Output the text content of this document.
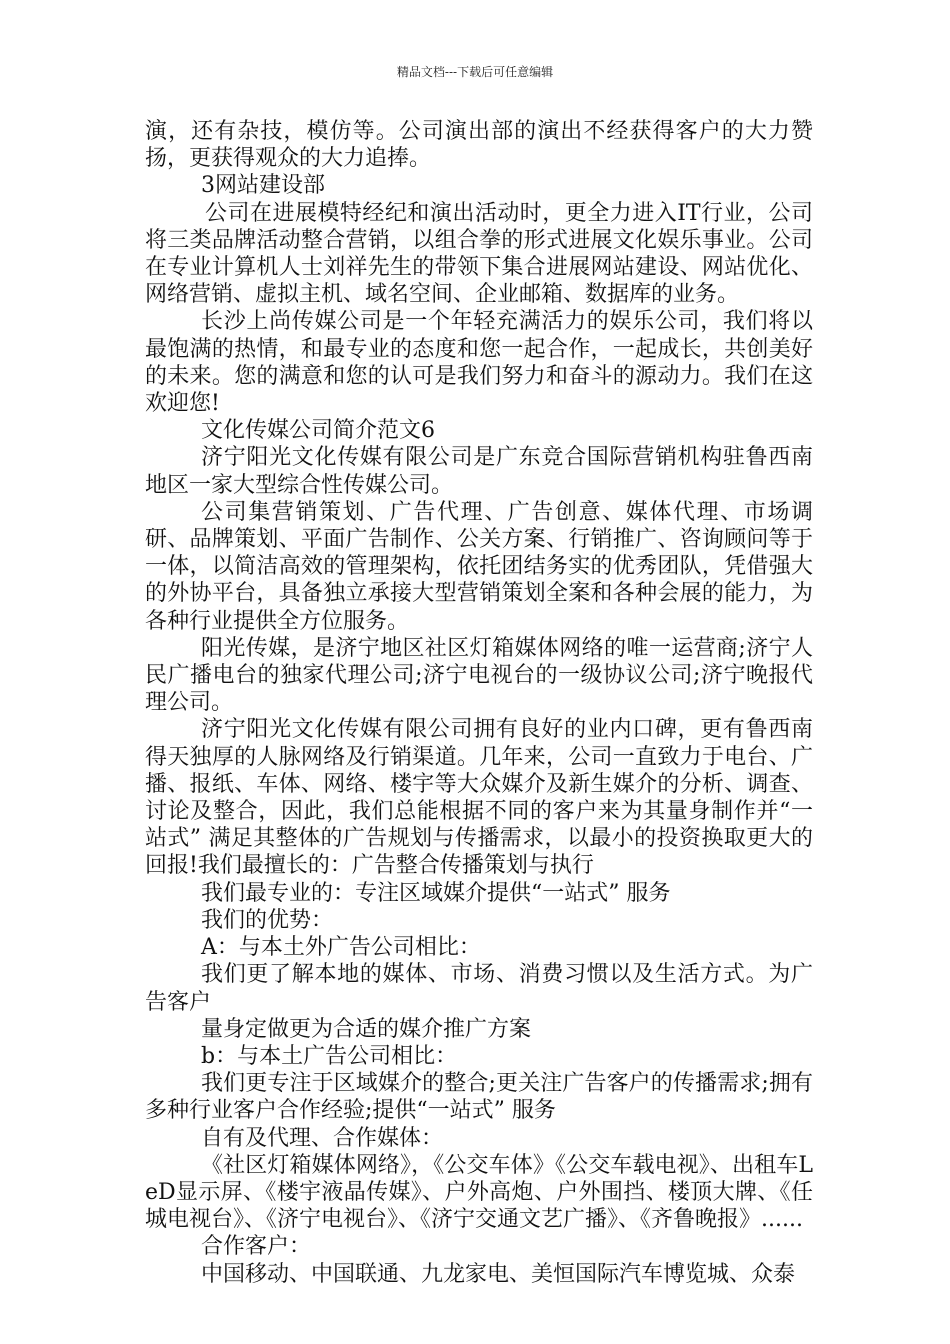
精品文档---下载后可任意编辑

演，还有杂技，模仿等。公司演出部的演出不经获得客户的大力赞扬，更获得观众的大力追捧。

3网站建设部

公司在进展模特经纪和演出活动时，更全力进入IT行业，公司将三类品牌活动整合营销，以组合拳的形式进展文化娱乐事业。公司在专业计算机人士刘祥先生的带领下集合进展网站建设、网站优化、网络营销、虚拟主机、域名空间、企业邮箱、数据库的业务。

长沙上尚传媒公司是一个年轻充满活力的娱乐公司，我们将以最饱满的热情，和最专业的态度和您一起合作，一起成长，共创美好的未来。您的满意和您的认可是我们努力和奋斗的源动力。我们在这欢迎您!

文化传媒公司简介范文6

济宁阳光文化传媒有限公司是广东竞合国际营销机构驻鲁西南地区一家大型综合性传媒公司。

公司集营销策划、广告代理、广告创意、媒体代理、市场调研、品牌策划、平面广告制作、公关方案、行销推广、咨询顾问等于一体，以简洁高效的管理架构，依托团结务实的优秀团队，凭借强大的外协平台，具备独立承接大型营销策划全案和各种会展的能力，为各种行业提供全方位服务。

阳光传媒，是济宁地区社区灯箱媒体网络的唯一运营商;济宁人民广播电台的独家代理公司;济宁电视台的一级协议公司;济宁晚报代理公司。

济宁阳光文化传媒有限公司拥有良好的业内口碑，更有鲁西南得天独厚的人脉网络及行销渠道。几年来，公司一直致力于电台、广播、报纸、车体、网络、楼宇等大众媒介及新生媒介的分析、调查、讨论及整合，因此，我们总能根据不同的客户来为其量身制作并“一站式” 满足其整体的广告规划与传播需求，以最小的投资换取更大的回报!我们最擅长的：广告整合传播策划与执行

我们最专业的：专注区域媒介提供“一站式” 服务

我们的优势：

A：与本土外广告公司相比：

我们更了解本地的媒体、市场、消费习惯以及生活方式。为广告客户

量身定做更为合适的媒介推广方案

b：与本土广告公司相比：

我们更专注于区域媒介的整合;更关注广告客户的传播需求;拥有多种行业客户合作经验;提供“一站式” 服务

自有及代理、合作媒体：

《社区灯箱媒体网络》，《公交车体》《公交车载电视》、出租车LeD显示屏、《楼宇液晶传媒》、户外高炮、户外围挡、楼顶大牌、《任城电视台》、《济宁电视台》、《济宁交通文艺广播》、《齐鲁晚报》......

合作客户：

中国移动、中国联通、九龙家电、美恒国际汽车博览城、众泰
